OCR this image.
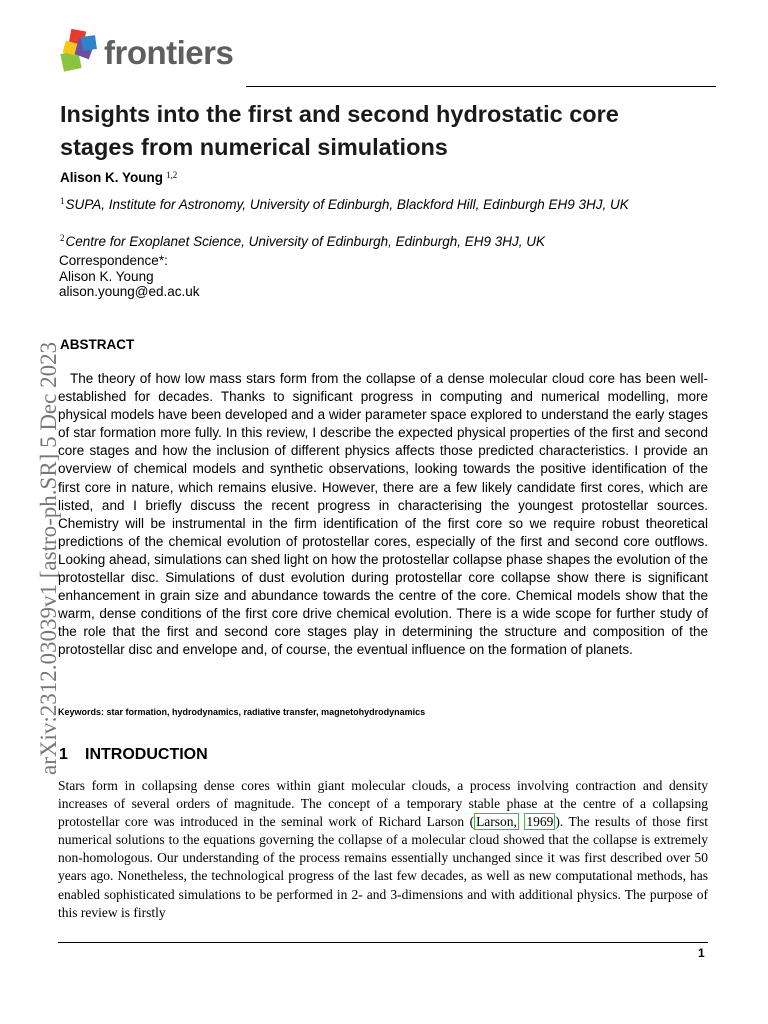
frontiers
arXiv:2312.03039v1 [astro-ph.SR] 5 Dec 2023
Insights into the first and second hydrostatic core stages from numerical simulations
Alison K. Young $^{1,2}$
$^1$SUPA, Institute for Astronomy, University of Edinburgh, Blackford Hill, Edinburgh EH9 3HJ, UK
$^2$Centre for Exoplanet Science, University of Edinburgh, Edinburgh, EH9 3HJ, UK
Correspondence*:
Alison K. Young
alison.young@ed.ac.uk
ABSTRACT
The theory of how low mass stars form from the collapse of a dense molecular cloud core has been well-established for decades. Thanks to significant progress in computing and numerical modelling, more physical models have been developed and a wider parameter space explored to understand the early stages of star formation more fully. In this review, I describe the expected physical properties of the first and second core stages and how the inclusion of different physics affects those predicted characteristics. I provide an overview of chemical models and synthetic observations, looking towards the positive identification of the first core in nature, which remains elusive. However, there are a few likely candidate first cores, which are listed, and I briefly discuss the recent progress in characterising the youngest protostellar sources. Chemistry will be instrumental in the firm identification of the first core so we require robust theoretical predictions of the chemical evolution of protostellar cores, especially of the first and second core outflows. Looking ahead, simulations can shed light on how the protostellar collapse phase shapes the evolution of the protostellar disc. Simulations of dust evolution during protostellar core collapse show there is significant enhancement in grain size and abundance towards the centre of the core. Chemical models show that the warm, dense conditions of the first core drive chemical evolution. There is a wide scope for further study of the role that the first and second core stages play in determining the structure and composition of the protostellar disc and envelope and, of course, the eventual influence on the formation of planets.
Keywords: star formation, hydrodynamics, radiative transfer, magnetohydrodynamics
1 INTRODUCTION
Stars form in collapsing dense cores within giant molecular clouds, a process involving contraction and density increases of several orders of magnitude. The concept of a temporary stable phase at the centre of a collapsing protostellar core was introduced in the seminal work of Richard Larson ( Larson, 1969 ). The results of those first numerical solutions to the equations governing the collapse of a molecular cloud showed that the collapse is extremely non-homologous. Our understanding of the process remains essentially unchanged since it was first described over 50 years ago. Nonetheless, the technological progress of the last few decades, as well as new computational methods, has enabled sophisticated simulations to be performed in 2- and 3-dimensions and with additional physics. The purpose of this review is firstly
1
